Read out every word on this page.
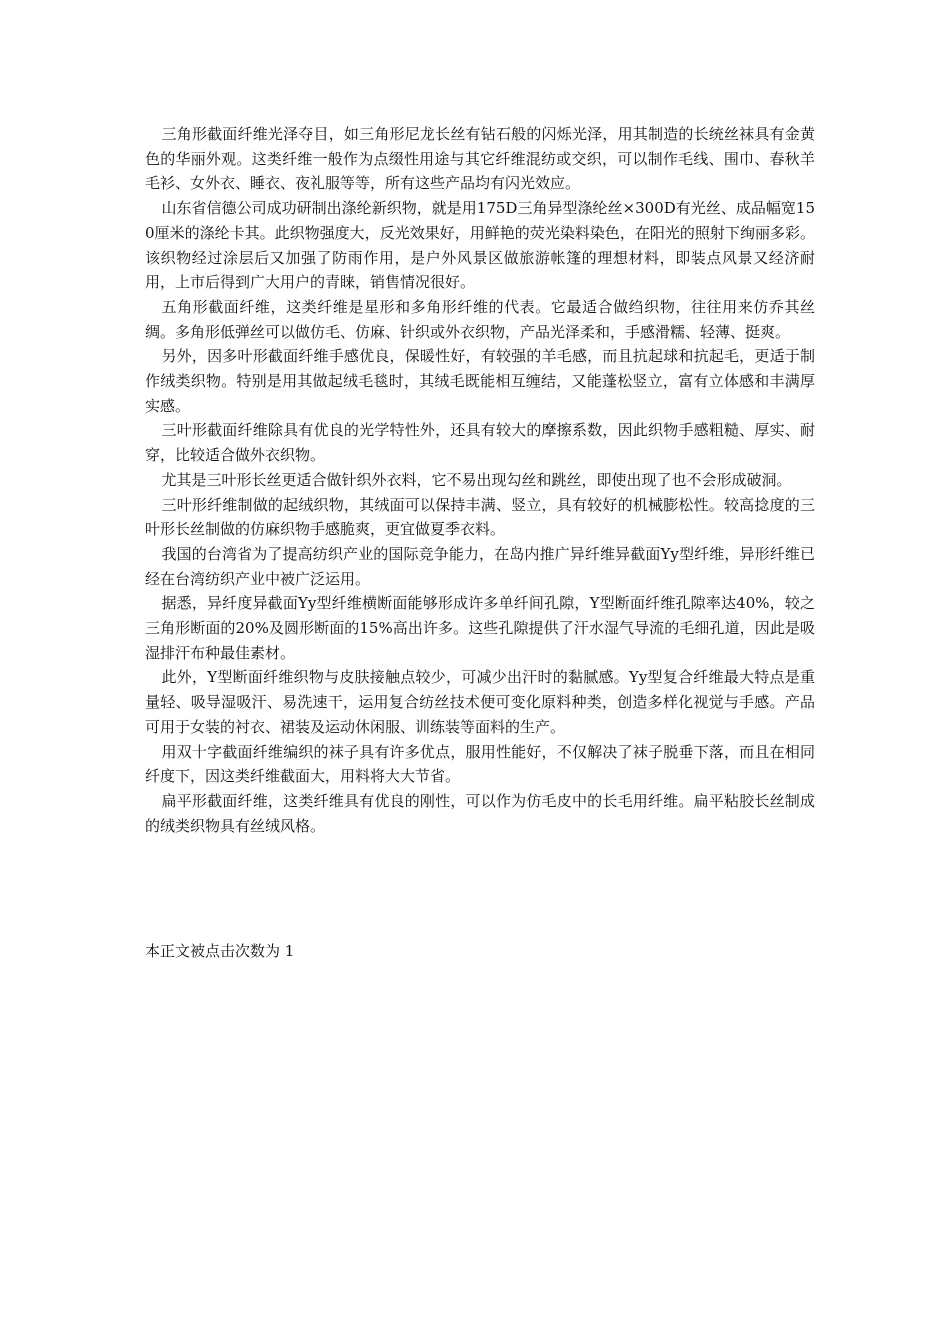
三角形截面纤维光泽夺目，如三角形尼龙长丝有钻石般的闪烁光泽，用其制造的长统丝袜具有金黄色的华丽外观。这类纤维一般作为点缀性用途与其它纤维混纺或交织，可以制作毛线、围巾、春秋羊毛衫、女外衣、睡衣、夜礼服等等，所有这些产品均有闪光效应。

山东省信德公司成功研制出涤纶新织物，就是用175D三角异型涤纶丝×300D有光丝、成品幅宽150厘米的涤纶卡其。此织物强度大，反光效果好，用鲜艳的荧光染料染色，在阳光的照射下绚丽多彩。该织物经过涂层后又加强了防雨作用，是户外风景区做旅游帐篷的理想材料，即装点风景又经济耐用，上市后得到广大用户的青睐，销售情况很好。

五角形截面纤维，这类纤维是星形和多角形纤维的代表。它最适合做绉织物，往往用来仿乔其丝绸。多角形低弹丝可以做仿毛、仿麻、针织或外衣织物，产品光泽柔和，手感滑糯、轻薄、挺爽。

另外，因多叶形截面纤维手感优良，保暖性好，有较强的羊毛感，而且抗起球和抗起毛，更适于制作绒类织物。特别是用其做起绒毛毯时，其绒毛既能相互缠结，又能蓬松竖立，富有立体感和丰满厚实感。

三叶形截面纤维除具有优良的光学特性外，还具有较大的摩擦系数，因此织物手感粗糙、厚实、耐穿，比较适合做外衣织物。

尤其是三叶形长丝更适合做针织外衣料，它不易出现勾丝和跳丝，即使出现了也不会形成破洞。

三叶形纤维制做的起绒织物，其绒面可以保持丰满、竖立，具有较好的机械膨松性。较高捻度的三叶形长丝制做的仿麻织物手感脆爽，更宜做夏季衣料。

我国的台湾省为了提高纺织产业的国际竞争能力，在岛内推广异纤维异截面Yy型纤维，异形纤维已经在台湾纺织产业中被广泛运用。

据悉，异纤度异截面Yy型纤维横断面能够形成许多单纤间孔隙，Y型断面纤维孔隙率达40%，较之三角形断面的20%及圆形断面的15%高出许多。这些孔隙提供了汗水湿气导流的毛细孔道，因此是吸湿排汗布种最佳素材。

此外，Y型断面纤维织物与皮肤接触点较少，可减少出汗时的黏腻感。Yy型复合纤维最大特点是重量轻、吸导湿吸汗、易洗速干，运用复合纺丝技术便可变化原料种类，创造多样化视觉与手感。产品可用于女装的衬衣、裙装及运动休闲服、训练装等面料的生产。

用双十字截面纤维编织的袜子具有许多优点，服用性能好，不仅解决了袜子脱垂下落，而且在相同纤度下，因这类纤维截面大，用料将大大节省。

扁平形截面纤维，这类纤维具有优良的刚性，可以作为仿毛皮中的长毛用纤维。扁平粘胶长丝制成的绒类织物具有丝绒风格。

本正文被点击次数为 1
